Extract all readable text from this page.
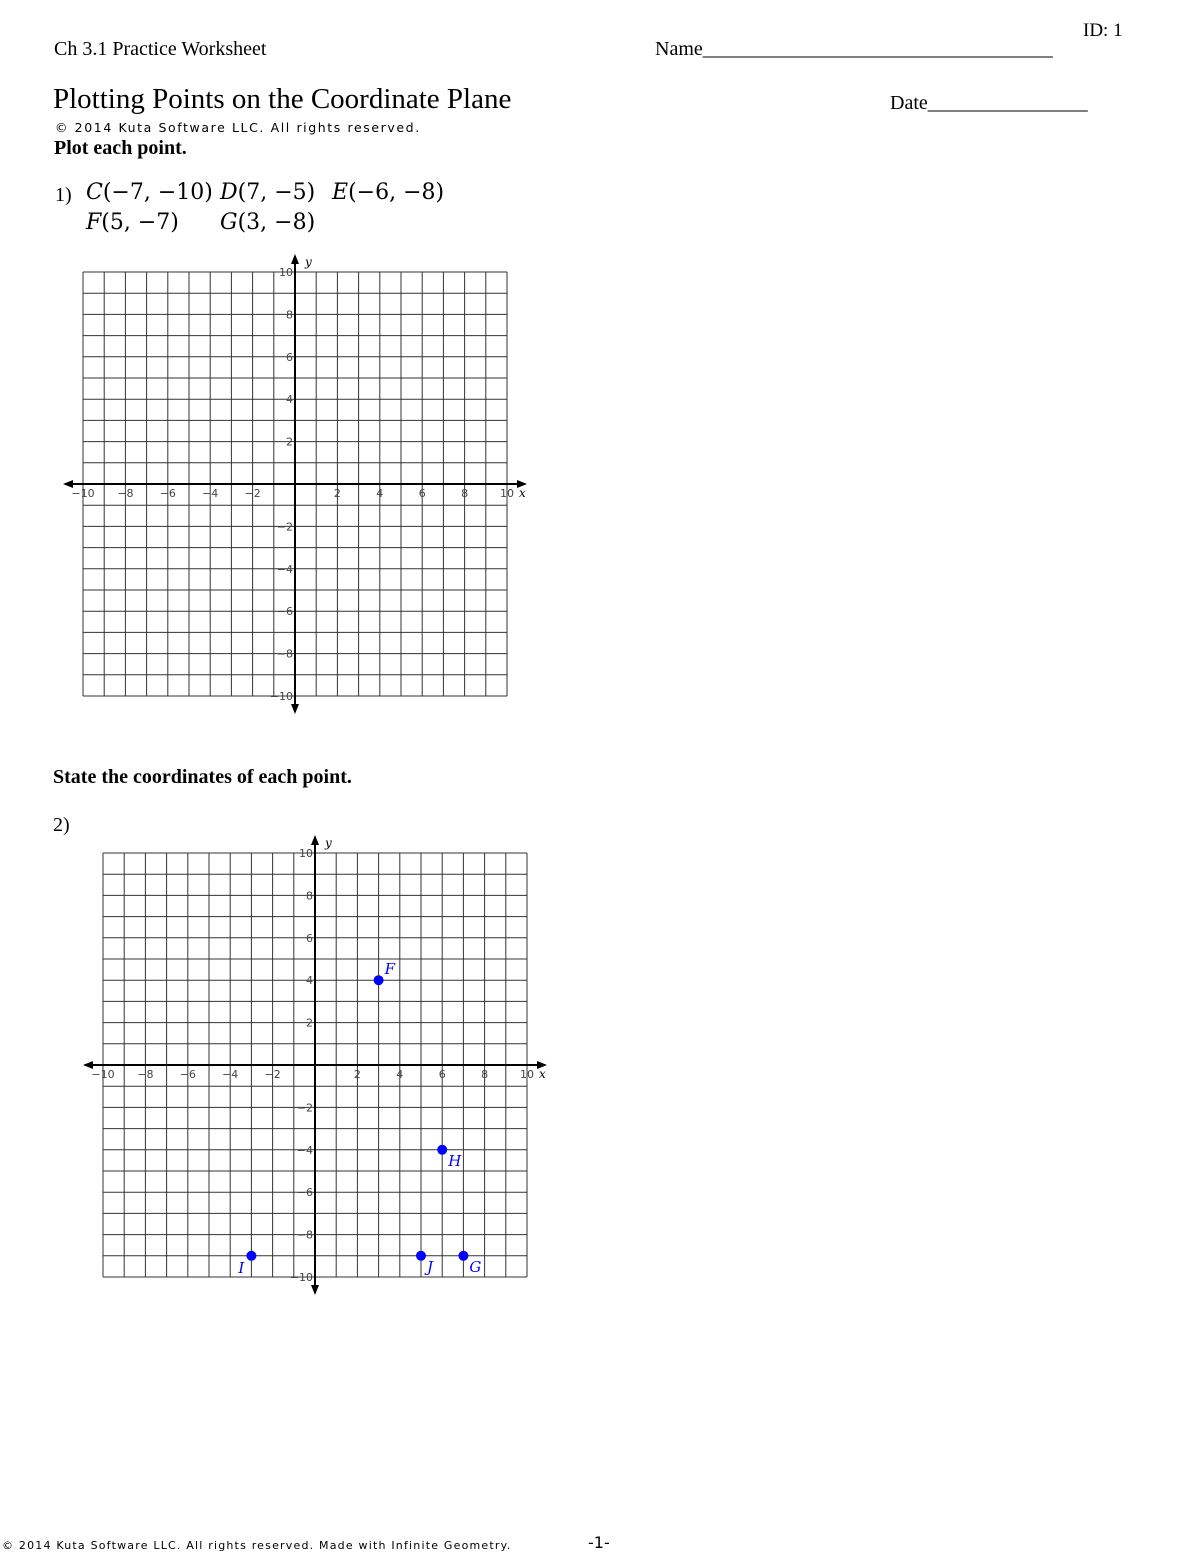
Ch 3.1 Practice Worksheet
ID: 1
Name___________________________________
Date________________
Plotting Points on the Coordinate Plane
© 2014 Kuta Software LLC. All rights reserved.
Plot each point.
1) C(−7, −10) D(7, −5) E(−6, −8)
F(5, −7) G(3, −8)
−10 −8 −6 −4 −2	2	4	6	8	10
10
8
6
4
2
−2
−4
−6
−8
−10
x
y
State the coordinates of each point.
2)
−10 −8 −6 −4 −2	2	4	6	8	10
10
8
6
4
2
−2
−4
−6
−8
−10
x
y
F
H
I	J G
© 2014 Kuta Software LLC. All rights reserved. Made with Infinite Geometry.	-1-
